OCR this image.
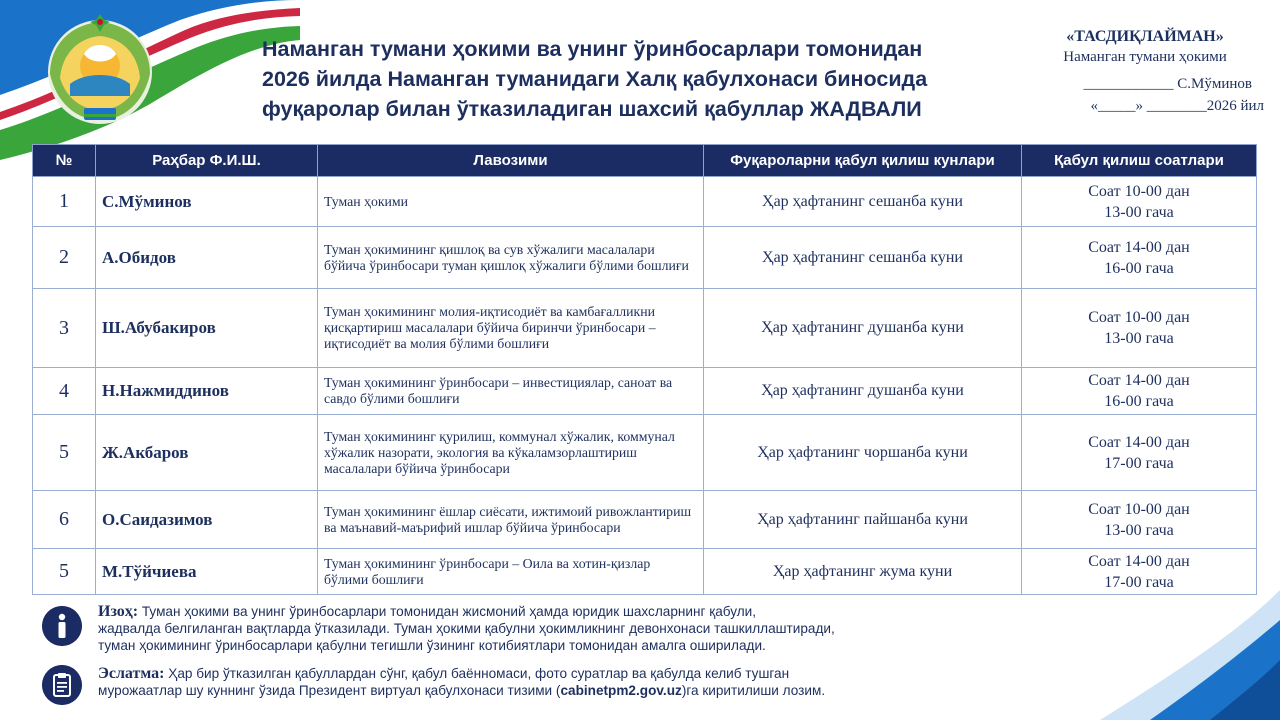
Наманган тумани ҳокими ва унинг ўринбосарлари томонидан
2026 йилда Наманган туманидаги Халқ қабулхонаси биносида
фуқаролар билан ўтказиладиган шахсий қабуллар ЖАДВАЛИ
«ТАСДИҚЛАЙМАН»
Наманган тумани ҳокими
____________ С.Мўминов
«_____» ________2026 йил
№	Раҳбар Ф.И.Ш.	Лавозими	Фуқароларни қабул қилиш кунлари	Қабул қилиш соатлари
1	С.Мўминов	Туман ҳокими	Ҳар ҳафтанинг сешанба куни	Соат 10-00 дан
13-00 гача

2	А.Обидов	Туман ҳокимининг қишлоқ ва сув хўжалиги масалалари бўйича ўринбосари туман қишлоқ хўжалиги бўлими бошлиғи	Ҳар ҳафтанинг сешанба куни	Соат 14-00 дан
16-00 гача

3	Ш.Абубакиров	Туман ҳокимининг молия-иқтисодиёт ва камбағалликни қисқартириш масалалари бўйича биринчи ўринбосари – иқтисодиёт ва молия бўлими бошлиғи	Ҳар ҳафтанинг душанба куни	Соат 10-00 дан
13-00 гача

4	Н.Нажмиддинов	Туман ҳокимининг ўринбосари – инвестициялар, саноат ва савдо бўлими бошлиғи	Ҳар ҳафтанинг душанба куни	Соат 14-00 дан
16-00 гача

5	Ж.Акбаров	Туман ҳокимининг қурилиш, коммунал хўжалик, коммунал хўжалик назорати, экология ва кўкаламзорлаштириш масалалари бўйича ўринбосари	Ҳар ҳафтанинг чоршанба куни	Соат 14-00 дан
17-00 гача

6	О.Саидазимов	Туман ҳокимининг ёшлар сиёсати, ижтимоий ривожлантириш ва маънавий-маърифий ишлар бўйича ўринбосари	Ҳар ҳафтанинг пайшанба куни	Соат 10-00 дан
13-00 гача

5	М.Тўйчиева	Туман ҳокимининг ўринбосари – Оила ва хотин-қизлар бўлими бошлиғи	Ҳар ҳафтанинг жума куни	Соат 14-00 дан
17-00 гача
Изоҳ: Туман ҳокими ва унинг ўринбосарлари томонидан жисмоний ҳамда юридик шахсларнинг қабули,
жадвалда белгиланган вақтларда ўтказилади. Туман ҳокими қабулни ҳокимликнинг девонхонаси ташкиллаштиради,
туман ҳокимининг ўринбосарлари қабулни тегишли ўзининг котибиятлари томонидан амалга оширилади.
Эслатма: Ҳар бир ўтказилган қабуллардан сўнг, қабул баённомаси, фото суратлар ва қабулда келиб тушган
мурожаатлар шу куннинг ўзида Президент виртуал қабулхонаси тизими (cabinetpm2.gov.uz)га киритилиши лозим.
